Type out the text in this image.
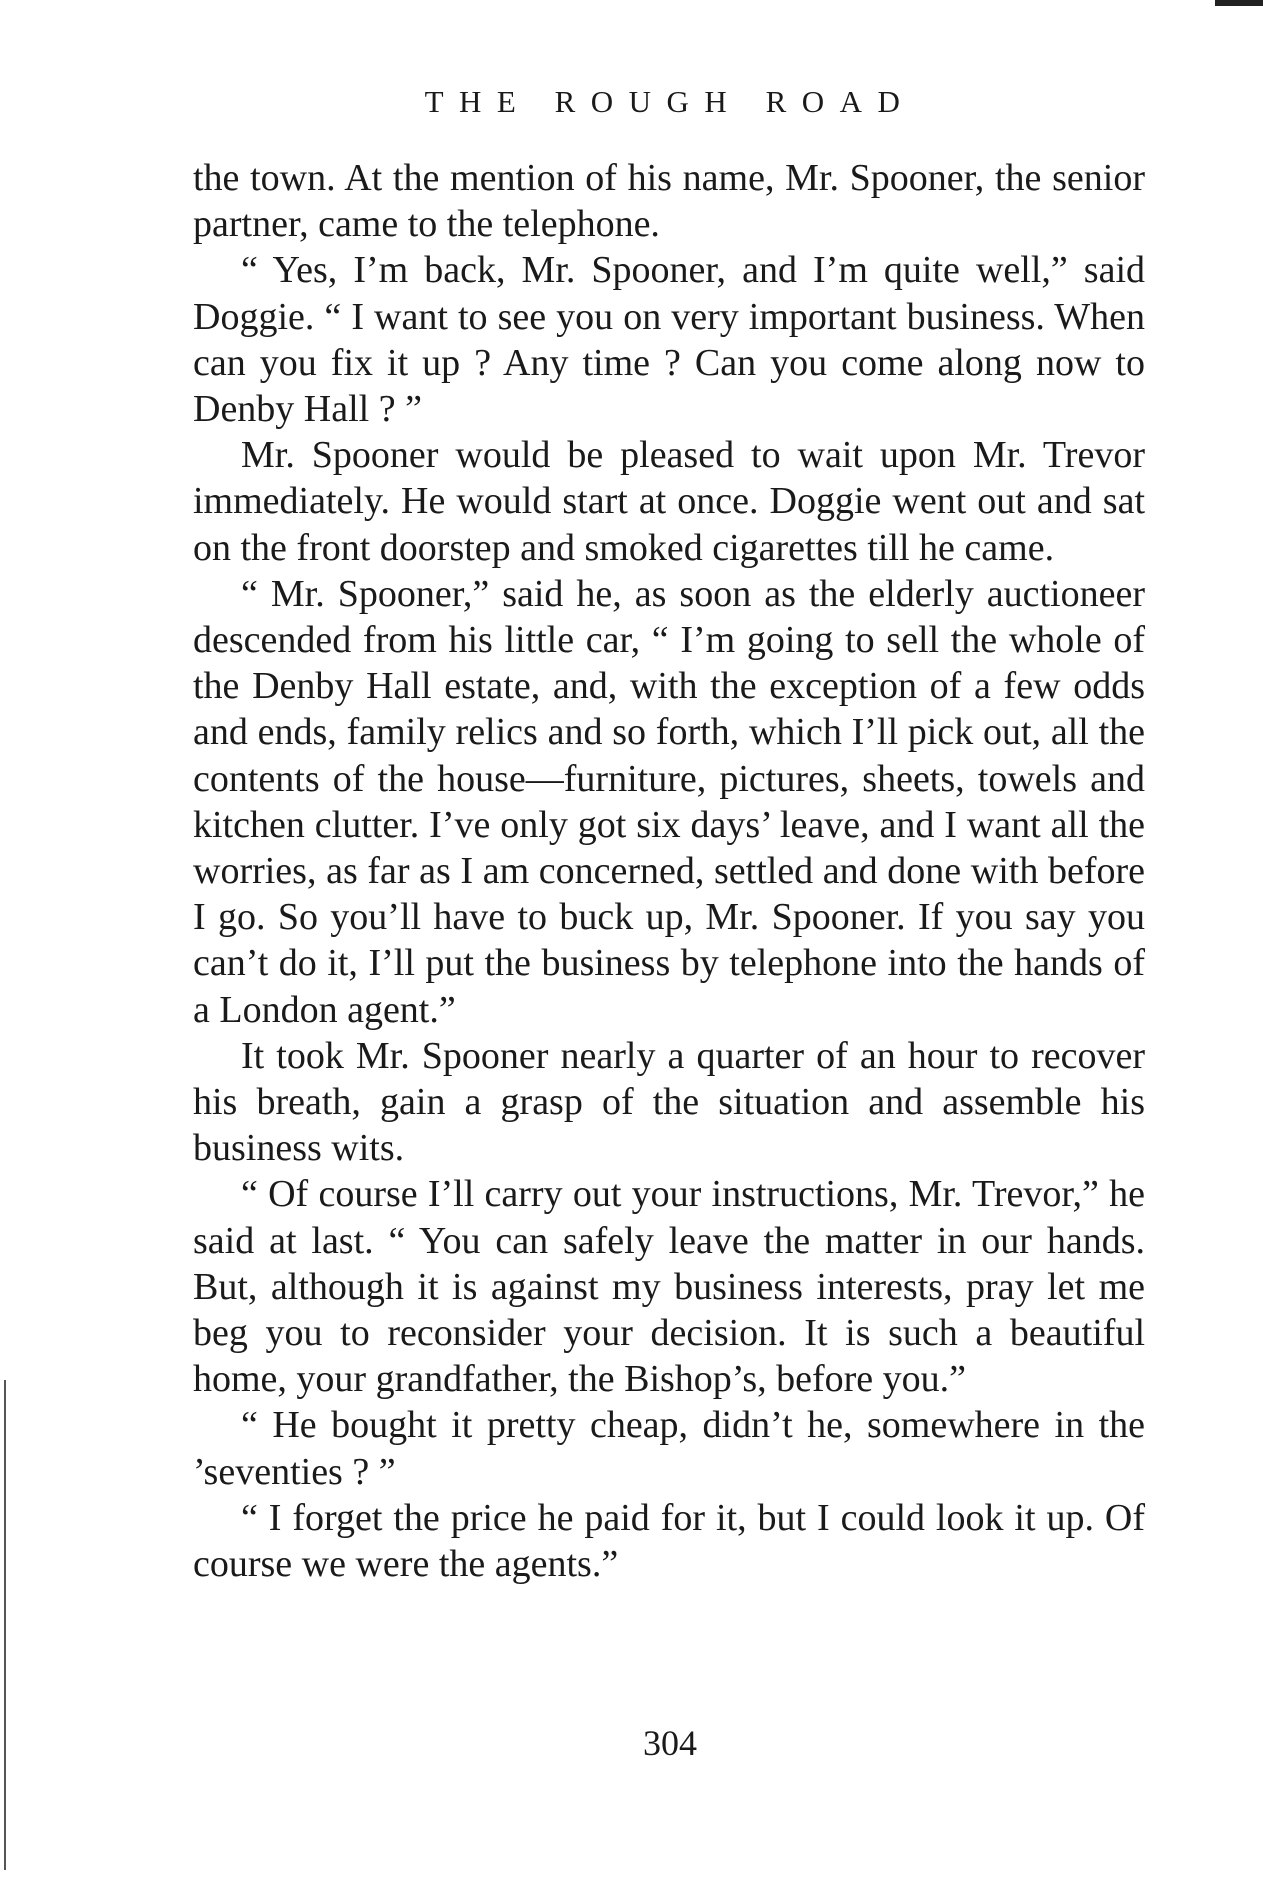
THE ROUGH ROAD

the town. At the mention of his name, Mr. Spooner, the senior partner, came to the telephone.

“ Yes, I’m back, Mr. Spooner, and I’m quite well,” said Doggie. “ I want to see you on very important business. When can you fix it up ? Any time ? Can you come along now to Denby Hall ? ”

Mr. Spooner would be pleased to wait upon Mr. Trevor immediately. He would start at once. Doggie went out and sat on the front doorstep and smoked cigarettes till he came.

“ Mr. Spooner,” said he, as soon as the elderly auctioneer descended from his little car, “ I’m going to sell the whole of the Denby Hall estate, and, with the exception of a few odds and ends, family relics and so forth, which I’ll pick out, all the contents of the house—furniture, pictures, sheets, towels and kitchen clutter. I’ve only got six days’ leave, and I want all the worries, as far as I am concerned, settled and done with before I go. So you’ll have to buck up, Mr. Spooner. If you say you can’t do it, I’ll put the business by telephone into the hands of a London agent.”

It took Mr. Spooner nearly a quarter of an hour to recover his breath, gain a grasp of the situation and assemble his business wits.

“ Of course I’ll carry out your instructions, Mr. Trevor,” he said at last. “ You can safely leave the matter in our hands. But, although it is against my business interests, pray let me beg you to reconsider your decision. It is such a beautiful home, your grandfather, the Bishop’s, before you.”

“ He bought it pretty cheap, didn’t he, somewhere in the ’seventies ? ”

“ I forget the price he paid for it, but I could look it up. Of course we were the agents.”

304
